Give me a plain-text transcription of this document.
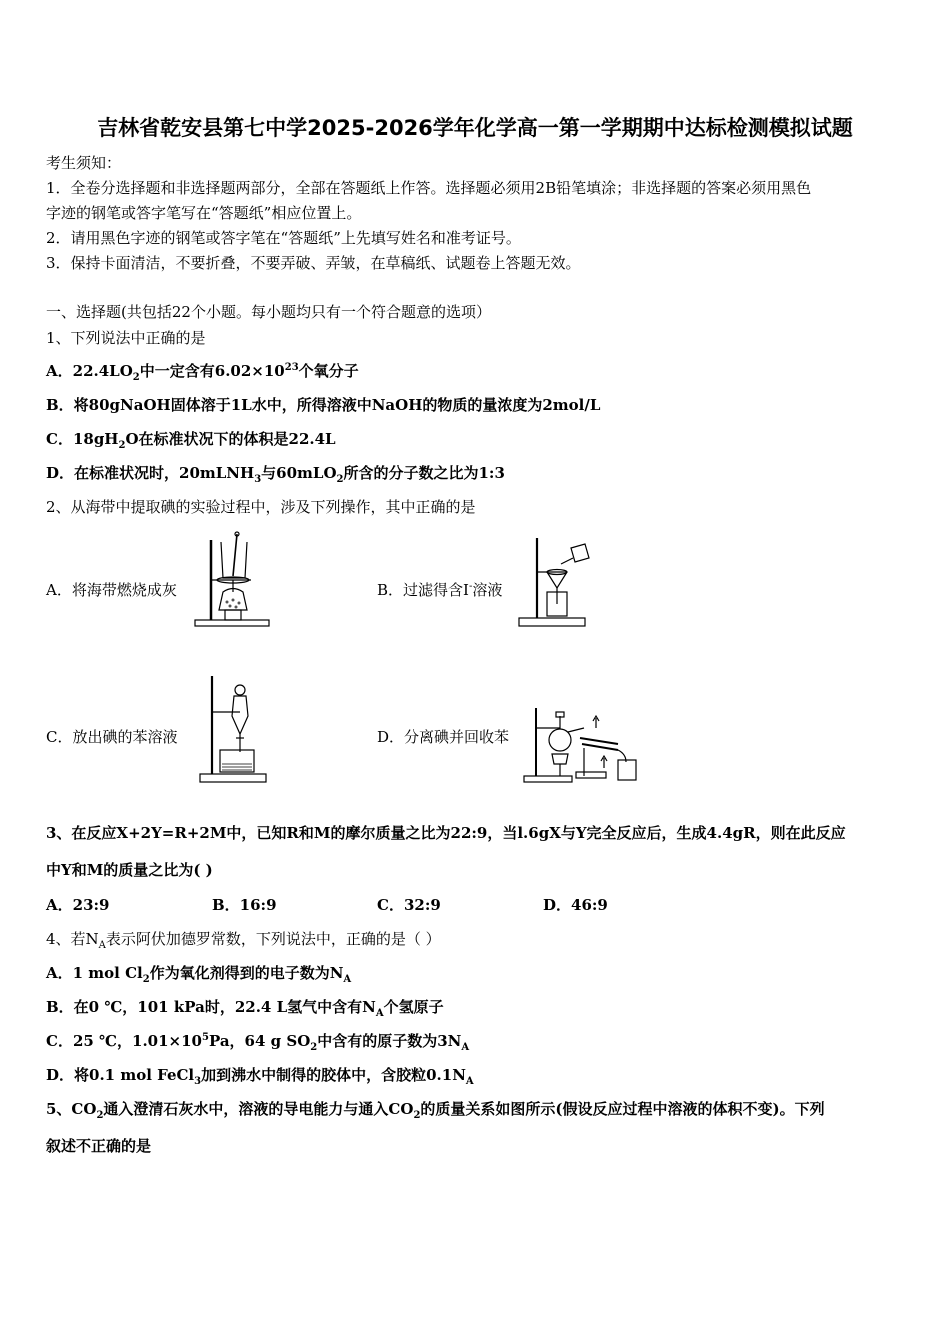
吉林省乾安县第七中学2025-2026学年化学高一第一学期期中达标检测模拟试题
考生须知：
1．全卷分选择题和非选择题两部分，全部在答题纸上作答。选择题必须用2B铅笔填涂；非选择题的答案必须用黑色
字迹的钢笔或答字笔写在“答题纸”相应位置上。
2．请用黑色字迹的钢笔或答字笔在“答题纸”上先填写姓名和准考证号。
3．保持卡面清洁，不要折叠，不要弄破、弄皱，在草稿纸、试题卷上答题无效。
一、选择题(共包括22个小题。每小题均只有一个符合题意的选项）
1、下列说法中正确的是
A．$22.4LO_2$中一定含有$6.02\times 10^{23}$个氧分子
B．将80gNaOH固体溶于1L水中，所得溶液中NaOH的物质的量浓度为2mol/L
C．$18gH_2O$在标准状况下的体积是22.4L
D．在标准状况时，20mLNH$_3$与60mLO$_2$所含的分子数之比为1:3
2、从海带中提取碘的实验过程中，涉及下列操作，其中正确的是
A．将海带燃烧成灰	B．过滤得含I-溶液
C．放出碘的苯溶液	D．分离碘并回收苯
3、在反应X+2Y=R+2M中，已知R和M的摩尔质量之比为22:9，当l.6gX与Y完全反应后，生成4.4gR，则在此反应
中Y和M的质量之比为( )
A．23:9	B．16:9	C．32:9	D．46:9
4、若$N_A$表示阿伏加德罗常数，下列说法中，正确的是（ ）
A．1 mol $Cl_2$作为氧化剂得到的电子数为$N_A$
B．在0 ℃，101 kPa时，22.4 L氢气中含有$N_A$个氢原子
C．25 ℃，$1.01\times 10^5Pa$，64 g $SO_2$中含有的原子数为$3N_A$
D．将0.1 mol FeCl$_3$加到沸水中制得的胶体中，含胶粒$0.1N_A$
5、$CO_2$通入澄清石灰水中，溶液的导电能力与通入$CO_2$的质量关系如图所示(假设反应过程中溶液的体积不变)。下列
叙述不正确的是
